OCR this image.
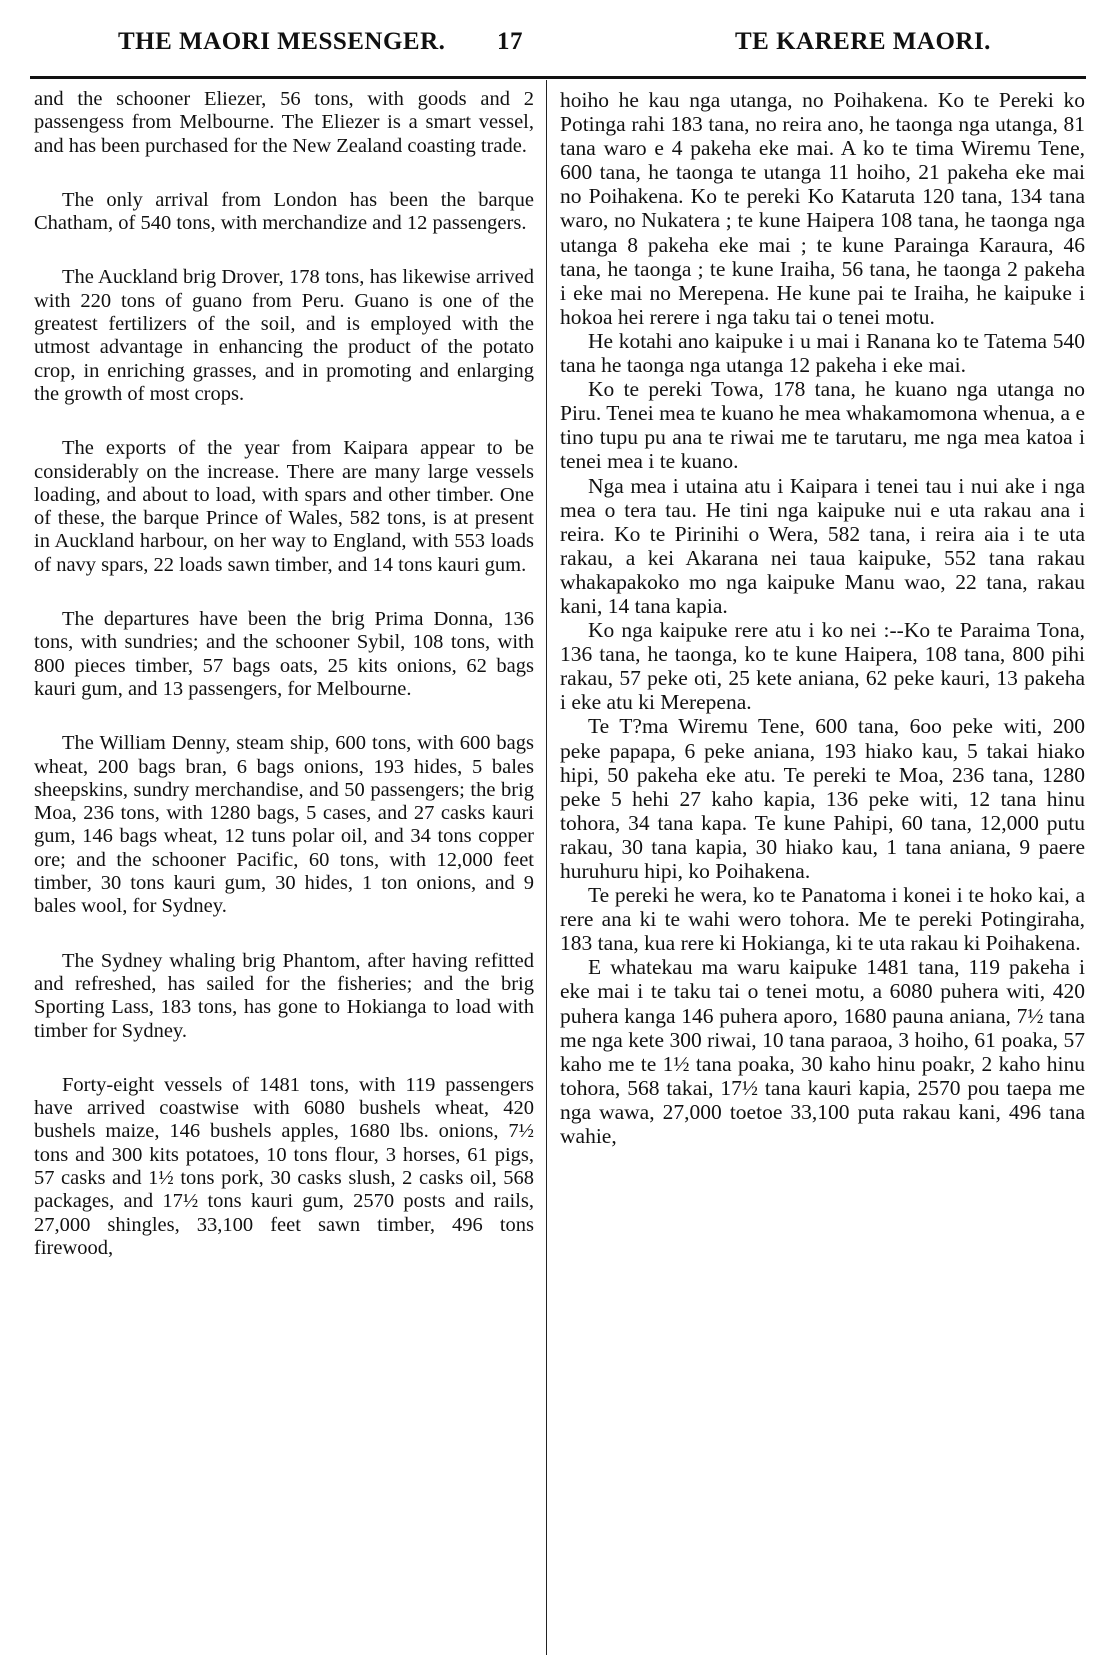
THE MAORI MESSENGER. 17	TE KARERE MAORI.

and the schooner Eliezer, 56 tons, with goods and 2 passengess from Melbourne. The Eliezer is a smart vessel, and has been purchased for the New Zealand coasting trade.

The only arrival from London has been the barque Chatham, of 540 tons, with merchandize and 12 passengers.

The Auckland brig Drover, 178 tons, has likewise arrived with 220 tons of guano from Peru. Guano is one of the greatest fertilizers of the soil, and is employed with the utmost advantage in enhancing the product of the potato crop, in enriching grasses, and in promoting and enlarging the growth of most crops.

The exports of the year from Kaipara appear to be considerably on the increase. There are many large vessels loading, and about to load, with spars and other timber. One of these, the barque Prince of Wales, 582 tons, is at present in Auckland harbour, on her way to England, with 553 loads of navy spars, 22 loads sawn timber, and 14 tons kauri gum.

The departures have been the brig Prima Donna, 136 tons, with sundries; and the schooner Sybil, 108 tons, with 800 pieces timber, 57 bags oats, 25 kits onions, 62 bags kauri gum, and 13 passengers, for Melbourne.

The William Denny, steam ship, 600 tons, with 600 bags wheat, 200 bags bran, 6 bags onions, 193 hides, 5 bales sheepskins, sundry merchandise, and 50 passengers; the brig Moa, 236 tons, with 1280 bags, 5 cases, and 27 casks kauri gum, 146 bags wheat, 12 tuns polar oil, and 34 tons copper ore; and the schooner Pacific, 60 tons, with 12,000 feet timber, 30 tons kauri gum, 30 hides, 1 ton onions, and 9 bales wool, for Sydney.

The Sydney whaling brig Phantom, after having refitted and refreshed, has sailed for the fisheries; and the brig Sporting Lass, 183 tons, has gone to Hokianga to load with timber for Sydney.

Forty-eight vessels of 1481 tons, with 119 passengers have arrived coastwise with 6080 bushels wheat, 420 bushels maize, 146 bushels apples, 1680 lbs. onions, 7½ tons and 300 kits potatoes, 10 tons flour, 3 horses, 61 pigs, 57 casks and 1½ tons pork, 30 casks slush, 2 casks oil, 568 packages, and 17½ tons kauri gum, 2570 posts and rails, 27,000 shingles, 33,100 feet sawn timber, 496 tons firewood,

hoiho he kau nga utanga, no Poihakena. Ko te Pereki ko Potinga rahi 183 tana, no reira ano, he taonga nga utanga, 81 tana waro e 4 pakeha eke mai. A ko te tima Wiremu Tene, 600 tana, he taonga te utanga 11 hoiho, 21 pakeha eke mai no Poihakena. Ko te pereki Ko Kataruta 120 tana, 134 tana waro, no Nukatera ; te kune Haipera 108 tana, he taonga nga utanga 8 pakeha eke mai ; te kune Parainga Karaura, 46 tana, he taonga ; te kune Iraiha, 56 tana, he taonga 2 pakeha i eke mai no Merepena. He kune pai te Iraiha, he kaipuke i hokoa hei rerere i nga taku tai o tenei motu.

He kotahi ano kaipuke i u mai i Ranana ko te Tatema 540 tana he taonga nga utanga 12 pakeha i eke mai.

Ko te pereki Towa, 178 tana, he kuano nga utanga no Piru. Tenei mea te kuano he mea whakamomona whenua, a e tino tupu pu ana te riwai me te tarutaru, me nga mea katoa i tenei mea i te kuano.

Nga mea i utaina atu i Kaipara i tenei tau i nui ake i nga mea o tera tau. He tini nga kaipuke nui e uta rakau ana i reira. Ko te Pirinihi o Wera, 582 tana, i reira aia i te uta rakau, a kei Akarana nei taua kaipuke, 552 tana rakau whakapakoko mo nga kaipuke Manu wao, 22 tana, rakau kani, 14 tana kapia.

Ko nga kaipuke rere atu i ko nei :--Ko te Paraima Tona, 136 tana, he taonga, ko te kune Haipera, 108 tana, 800 pihi rakau, 57 peke oti, 25 kete aniana, 62 peke kauri, 13 pakeha i eke atu ki Merepena.

Te T?ma Wiremu Tene, 600 tana, 6oo peke witi, 200 peke papapa, 6 peke aniana, 193 hiako kau, 5 takai hiako hipi, 50 pakeha eke atu. Te pereki te Moa, 236 tana, 1280 peke 5 hehi 27 kaho kapia, 136 peke witi, 12 tana hinu tohora, 34 tana kapa. Te kune Pahipi, 60 tana, 12,000 putu rakau, 30 tana kapia, 30 hiako kau, 1 tana aniana, 9 paere huruhuru hipi, ko Poihakena.

Te pereki he wera, ko te Panatoma i konei i te hoko kai, a rere ana ki te wahi wero tohora. Me te pereki Potingiraha, 183 tana, kua rere ki Hokianga, ki te uta rakau ki Poihakena.

E whatekau ma waru kaipuke 1481 tana, 119 pakeha i eke mai i te taku tai o tenei motu, a 6080 puhera witi, 420 puhera kanga 146 puhera aporo, 1680 pauna aniana, 7½ tana me nga kete 300 riwai, 10 tana paraoa, 3 hoiho, 61 poaka, 57 kaho me te 1½ tana poaka, 30 kaho hinu poakr, 2 kaho hinu tohora, 568 takai, 17½ tana kauri kapia, 2570 pou taepa me nga wawa, 27,000 toetoe 33,100 puta rakau kani, 496 tana wahie,
